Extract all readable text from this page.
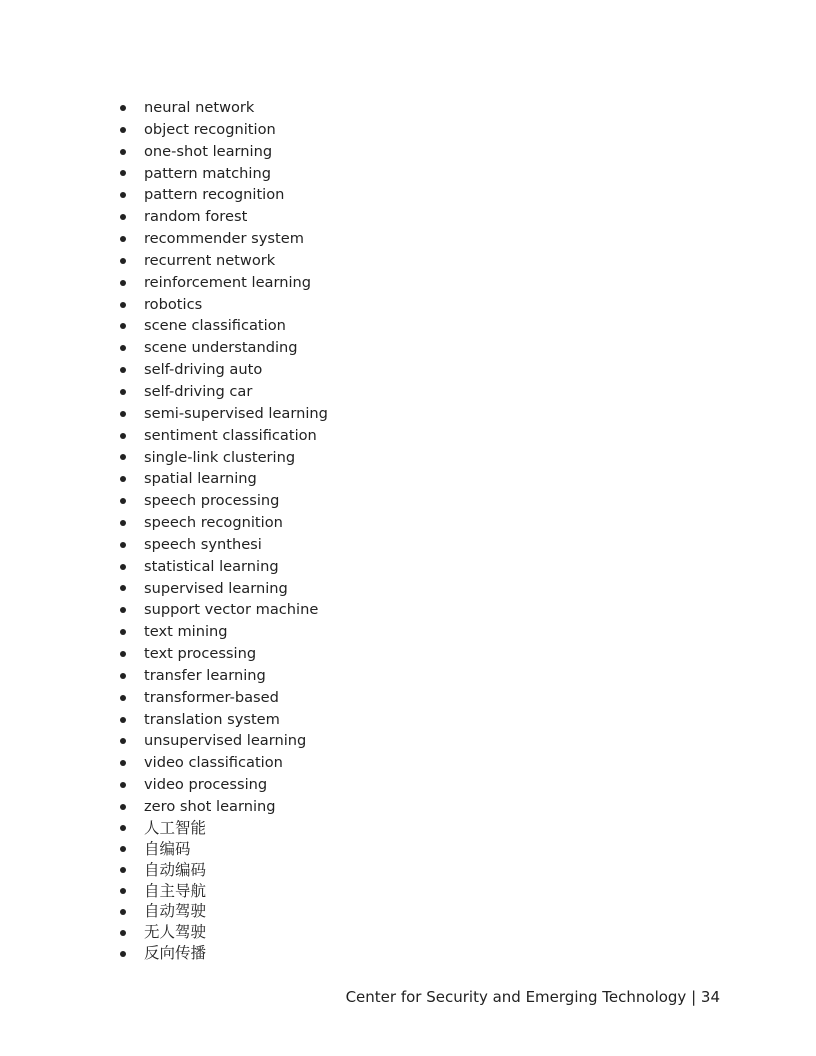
neural network
object recognition
one-shot learning
pattern matching
pattern recognition
random forest
recommender system
recurrent network
reinforcement learning
robotics
scene classification
scene understanding
self-driving auto
self-driving car
semi-supervised learning
sentiment classification
single-link clustering
spatial learning
speech processing
speech recognition
speech synthesi
statistical learning
supervised learning
support vector machine
text mining
text processing
transfer learning
transformer-based
translation system
unsupervised learning
video classification
video processing
zero shot learning
人工智能
自编码
自动编码
自主导航
自动驾驶
无人驾驶
反向传播
Center for Security and Emerging Technology | 34
